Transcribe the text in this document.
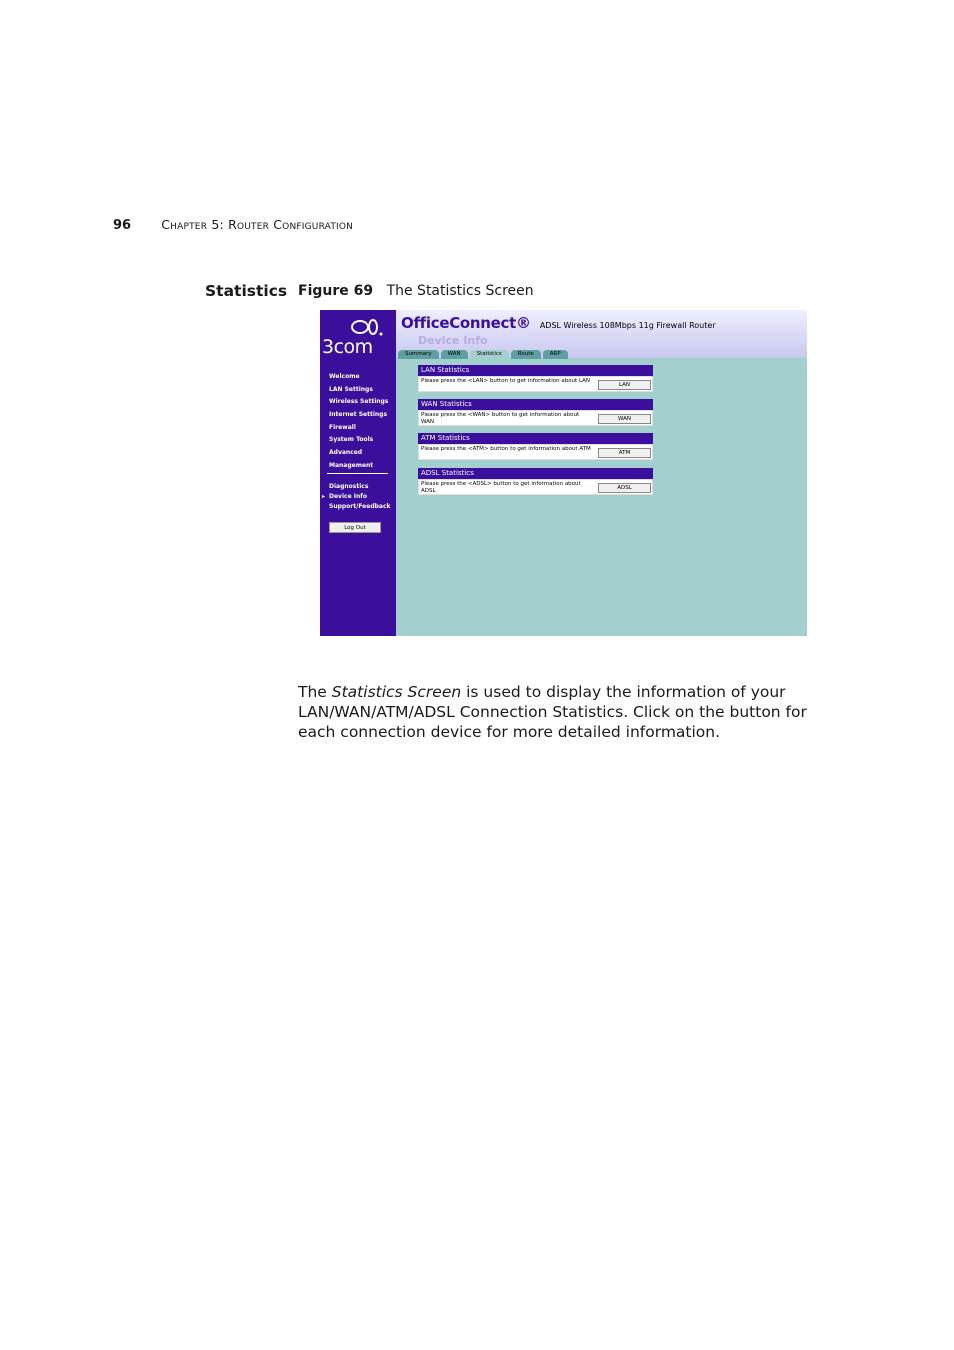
96 Chapter 5: Router Configuration
Statistics Figure 69 The Statistics Screen
3com
Welcome
LAN Settings
Wireless Settings
Internet Settings
Firewall
System Tools
Advanced
Management
Diagnostics
▸ Device Info
Support/Feedback
Log Out
OfficeConnect® ADSL Wireless 108Mbps 11g Firewall Router
Device Info
Summary	WAN	Statistics	Route	ARP
LAN Statistics
Please press the <LAN> button to get information about LAN
LAN
WAN Statistics
Please press the <WAN> button to get information about WAN	WAN
ATM Statistics
Please press the <ATM> button to get information about ATM
ATM
ADSL Statistics
Please press the <ADSL> button to get information about ADSL	ADSL

The Statistics Screen is used to display the information of your LAN/WAN/ATM/ADSL Connection Statistics. Click on the button for each connection device for more detailed information.
